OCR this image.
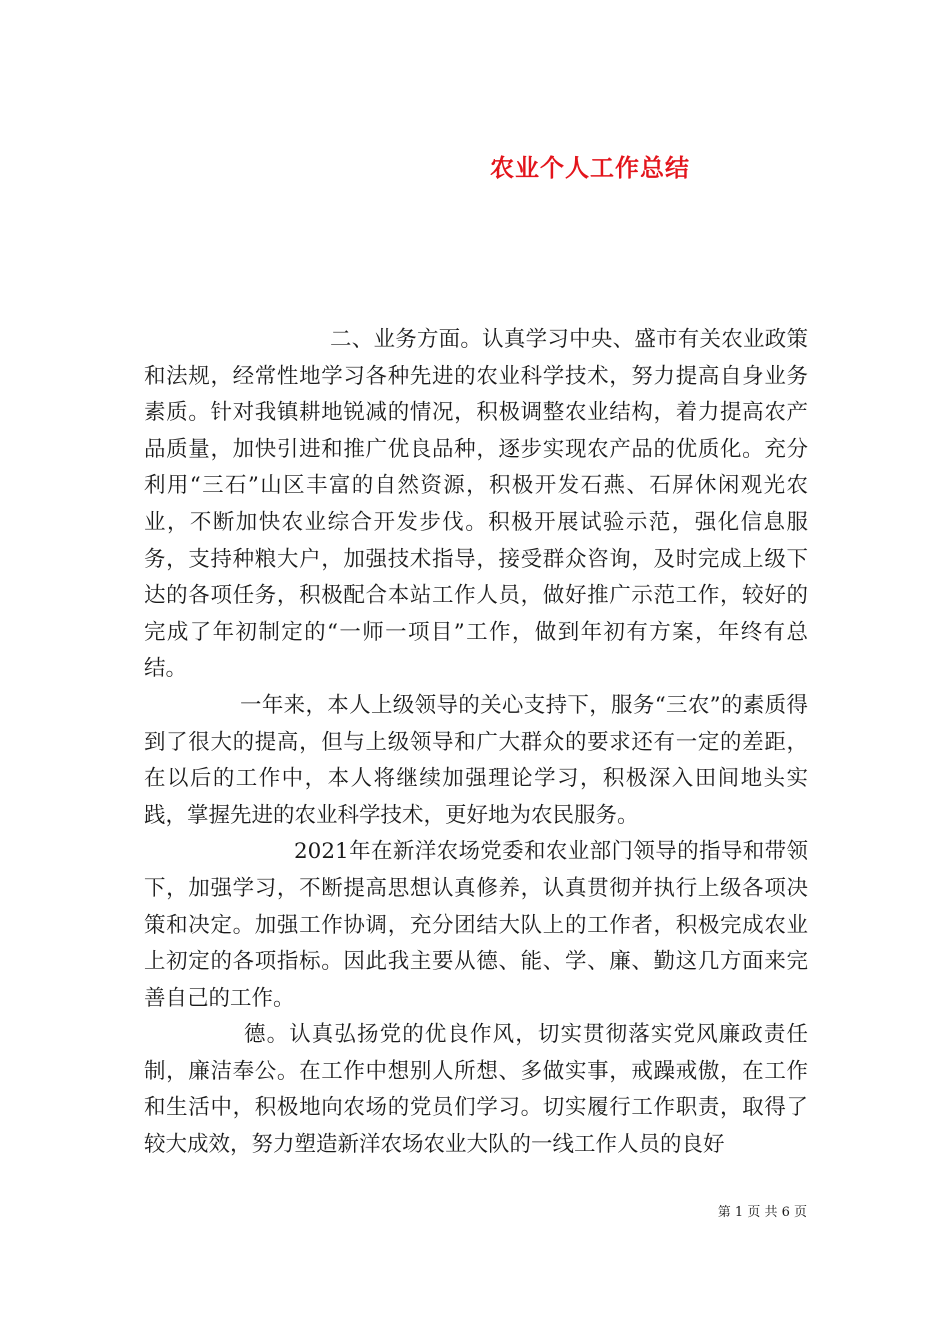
农业个人工作总结

二、业务方面。认真学习中央、盛市有关农业政策和法规，经常性地学习各种先进的农业科学技术，努力提高自身业务素质。针对我镇耕地锐减的情况，积极调整农业结构，着力提高农产品质量，加快引进和推广优良品种，逐步实现农产品的优质化。充分利用“三石”山区丰富的自然资源，积极开发石燕、石屏休闲观光农业，不断加快农业综合开发步伐。积极开展试验示范，强化信息服务，支持种粮大户，加强技术指导，接受群众咨询，及时完成上级下达的各项任务，积极配合本站工作人员，做好推广示范工作，较好的完成了年初制定的“一师一项目”工作，做到年初有方案，年终有总结。

一年来，本人上级领导的关心支持下，服务“三农”的素质得到了很大的提高，但与上级领导和广大群众的要求还有一定的差距，在以后的工作中，本人将继续加强理论学习，积极深入田间地头实践，掌握先进的农业科学技术，更好地为农民服务。

2021年在新洋农场党委和农业部门领导的指导和带领下，加强学习，不断提高思想认真修养，认真贯彻并执行上级各项决策和决定。加强工作协调，充分团结大队上的工作者，积极完成农业上初定的各项指标。因此我主要从德、能、学、廉、勤这几方面来完善自己的工作。

德。认真弘扬党的优良作风，切实贯彻落实党风廉政责任制，廉洁奉公。在工作中想别人所想、多做实事，戒躁戒傲，在工作和生活中，积极地向农场的党员们学习。切实履行工作职责，取得了较大成效，努力塑造新洋农场农业大队的一线工作人员的良好

第 1 页 共 6 页
